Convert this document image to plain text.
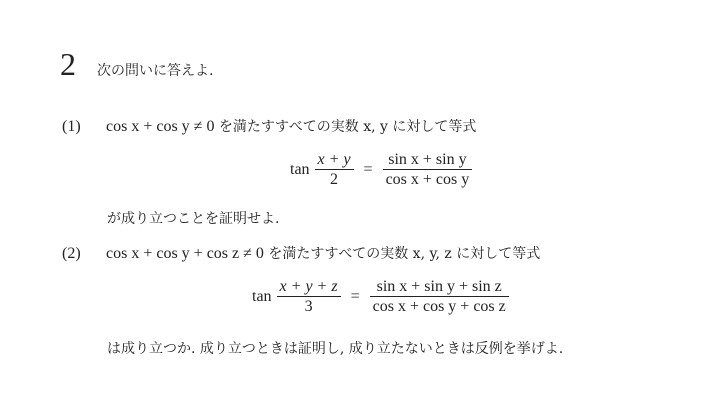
2 次の問いに答えよ.
(1) cos x + cos y ≠ 0 を満たすすべての実数 x, y に対して等式
$\tan \frac{x + y}{2} = \frac{\text{sin x + sin y}}{\text{cos x + cos y}}$
が成り立つことを証明せよ.
(2) cos x + cos y + cos z ≠ 0 を満たすすべての実数 x, y, z に対して等式
$\tan \frac{x + y + z}{3} = \frac{\text{sin x + sin y + sin z}}{\text{cos x + cos y + cos z}}$
は成り立つか. 成り立つときは証明し, 成り立たないときは反例を挙げよ.
